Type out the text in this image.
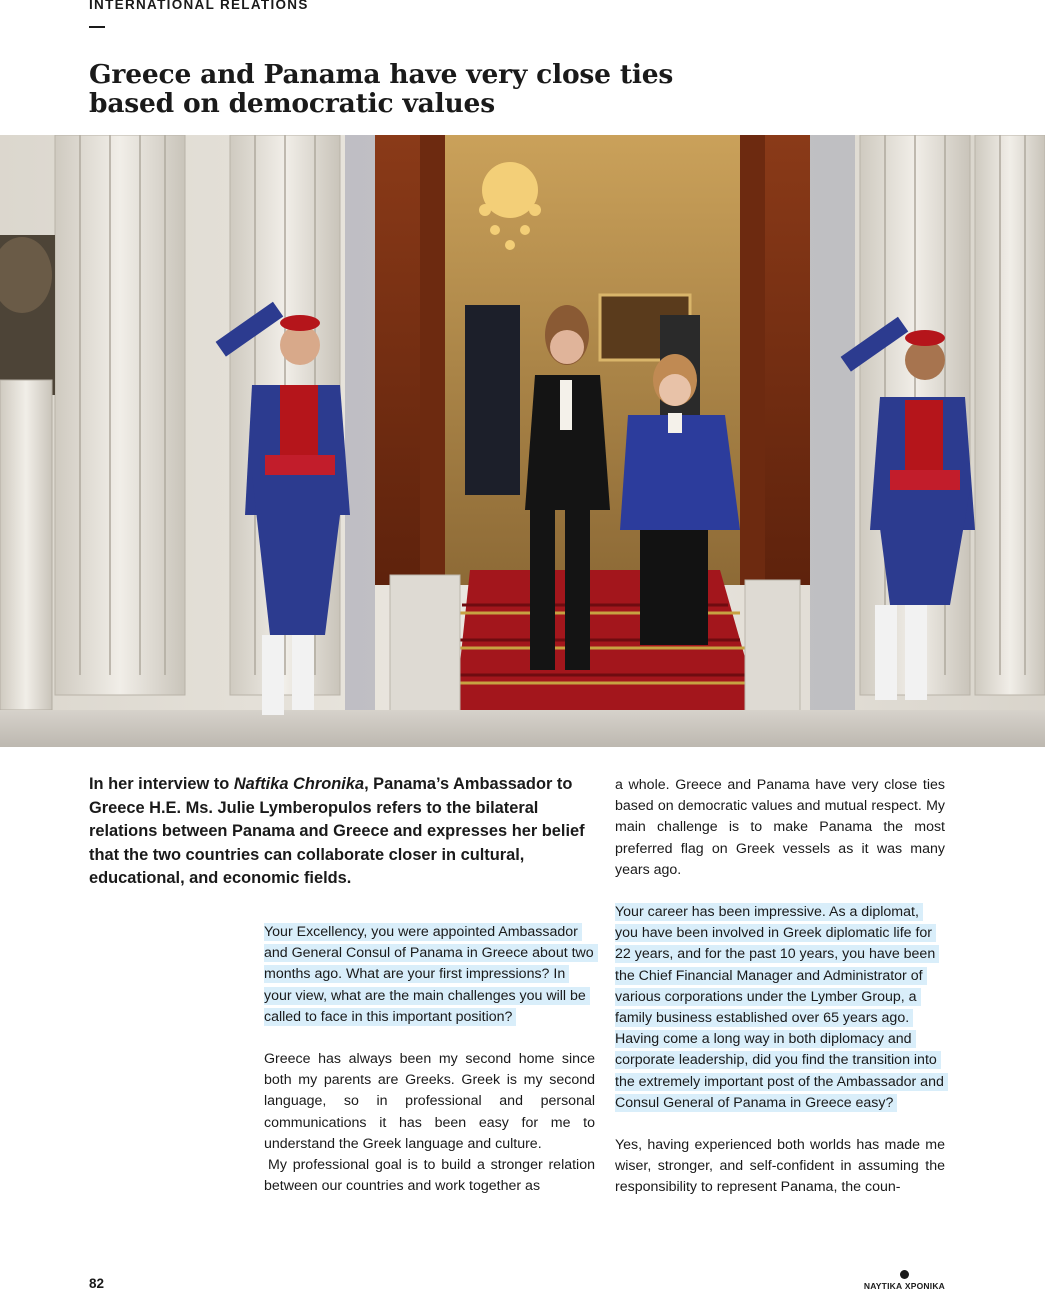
INTERNATIONAL RELATIONS
Greece and Panama have very close ties
based on democratic values

In her interview to Naftika Chronika, Panama’s Ambassador to Greece H.E. Ms. Julie Lymberopulos refers to the bilateral relations between Panama and Greece and expresses her belief that the two countries can collaborate closer in cultural, educational, and economic fields.

Your Excellency, you were appointed Ambassador and General Consul of Panama in Greece about two months ago. What are your first impressions? In your view, what are the main challenges you will be called to face in this important position?

Greece has always been my second home since both my parents are Greeks. Greek is my second language, so in professional and personal communications it has been easy for me to understand the Greek language and culture.

My professional goal is to build a stronger relation between our countries and work together as

a whole. Greece and Panama have very close ties based on democratic values and mutual respect. My main challenge is to make Panama the most preferred flag on Greek vessels as it was many years ago.

Your career has been impressive. As a diplomat, you have been involved in Greek diplomatic life for 22 years, and for the past 10 years, you have been the Chief Financial Manager and Administrator of various corporations under the Lymber Group, a family business established over 65 years ago. Having come a long way in both diplomacy and corporate leadership, did you find the transition into the extremely important post of the Ambassador and Consul General of Panama in Greece easy?

Yes, having experienced both worlds has made me wiser, stronger, and self-confident in assuming the responsibility to represent Panama, the coun-

82	ΝΑΥΤΙΚΑ ΧΡΟΝΙΚΑ
